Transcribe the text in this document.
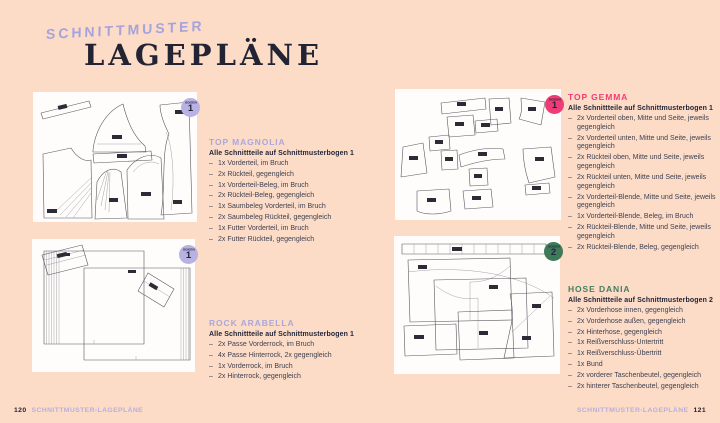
SCHNITTMUSTER
LAGEPLÄNE
BOGEN
1
BOGEN
1
BOGEN
1
BOGEN
2
TOP MAGNOLIA

Alle Schnittteile auf Schnittmusterbogen 1

– 1x Vorderteil, im Bruch
– 2x Rückteil, gegengleich
– 1x Vorderteil-Beleg, im Bruch
– 2x Rückteil-Beleg, gegengleich
– 1x Saumbeleg Vorderteil, im Bruch
– 2x Saumbeleg Rückteil, gegengleich
– 1x Futter Vorderteil, im Bruch
– 2x Futter Rückteil, gegengleich
ROCK ARABELLA

Alle Schnittteile auf Schnittmusterbogen 1

– 2x Passe Vorderrock, im Bruch
– 4x Passe Hinterrock, 2x gegengleich
– 1x Vorderrock, im Bruch
– 2x Hinterrock, gegengleich
TOP GEMMA

Alle Schnittteile auf Schnittmusterbogen 1

– 2x Vorderteil oben, Mitte und Seite, jeweils gegengleich
– 2x Vorderteil unten, Mitte und Seite, jeweils gegengleich
– 2x Rückteil oben, Mitte und Seite, jeweils gegengleich
– 2x Rückteil unten, Mitte und Seite, jeweils gegengleich
– 2x Vorderteil-Blende, Mitte und Seite, jeweils gegengleich
– 1x Vorderteil-Blende, Beleg, im Bruch
– 2x Rückteil-Blende, Mitte und Seite, jeweils gegengleich
– 2x Rückteil-Blende, Beleg, gegengleich
HOSE DANIA

Alle Schnittteile auf Schnittmusterbogen 2

– 2x Vorderhose innen, gegengleich
– 2x Vorderhose außen, gegengleich
– 2x Hinterhose, gegengleich
– 1x Reißverschluss-Untertritt
– 1x Reißverschluss-Übertritt
– 1x Bund
– 2x vorderer Taschenbeutel, gegengleich
– 2x hinterer Taschenbeutel, gegengleich
120 SCHNITTMUSTER-LAGEPLÄNE	SCHNITTMUSTER-LAGEPLÄNE 121
